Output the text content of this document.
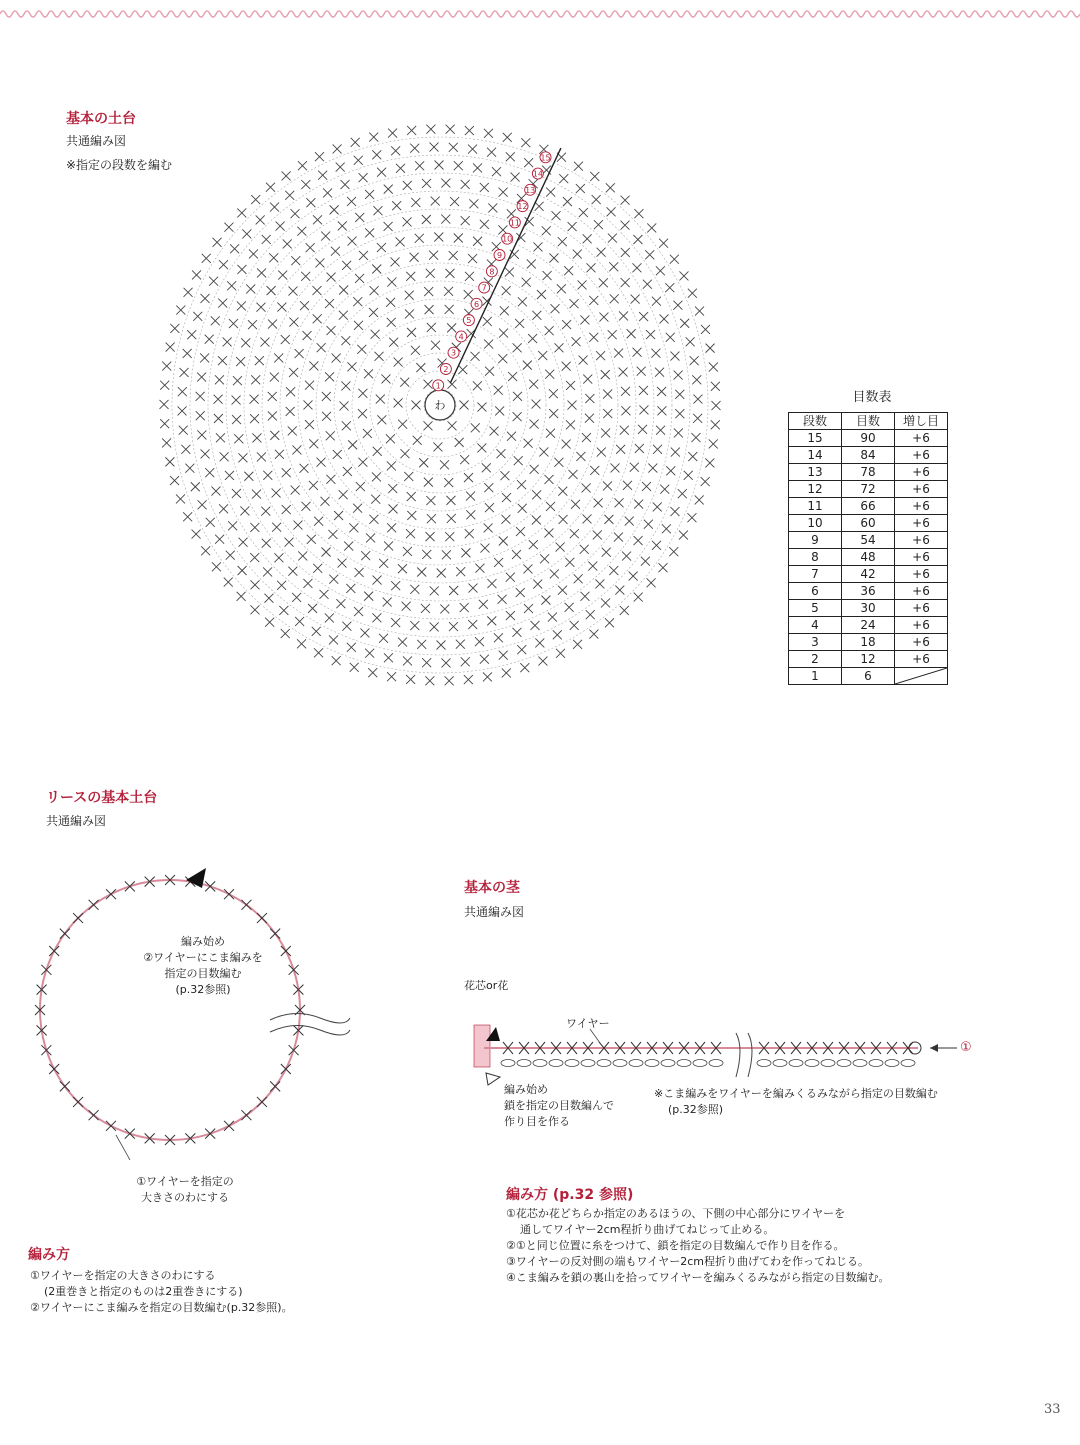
基本の土台
共通編み図
※指定の段数を編む
わ
1
2
3
4
5
6
7
8
9
10
11
12
13
14
15
目数表
段数	目数	増し目
15	90	+6
14	84	+6
13	78	+6
12	72	+6
11	66	+6
10	60	+6
9	54	+6
8	48	+6
7	42	+6
6	36	+6
5	30	+6
4	24	+6
3	18	+6
2	12	+6
1	6	
リースの基本土台
共通編み図
編み始め
②ワイヤーにこま編みを
指定の目数編む
(p.32参照)
①ワイヤーを指定の
大きさのわにする
編み方
①ワイヤーを指定の大きさのわにする
(2重巻きと指定のものは2重巻きにする)
②ワイヤーにこま編みを指定の目数編む(p.32参照)。
基本の茎
共通編み図
花芯or花
ワイヤー
①
編み始め
鎖を指定の目数編んで
作り目を作る
※こま編みをワイヤーを編みくるみながら指定の目数編む
(p.32参照)
編み方 (p.32 参照)
①花芯か花どちらか指定のあるほうの、下側の中心部分にワイヤーを
通してワイヤー2cm程折り曲げてねじって止める。
②①と同じ位置に糸をつけて、鎖を指定の目数編んで作り目を作る。
③ワイヤーの反対側の端もワイヤー2cm程折り曲げてわを作ってねじる。
④こま編みを鎖の裏山を拾ってワイヤーを編みくるみながら指定の目数編む。
33
